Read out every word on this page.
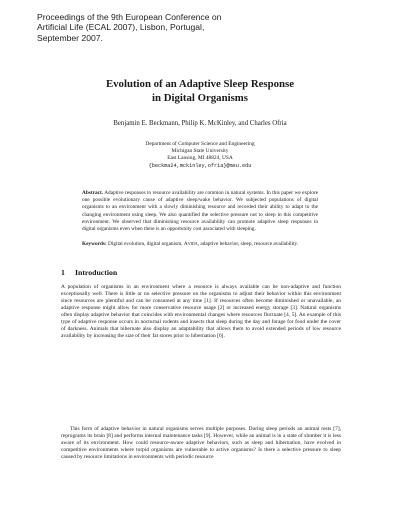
Proceedings of the 9th European Conference on
Artificial Life (ECAL 2007), Lisbon, Portugal,
September 2007.
Evolution of an Adaptive Sleep Response
in Digital Organisms
Benjamin E. Beckmann, Philip K. McKinley, and Charles Ofria
Department of Computer Science and Engineering
Michigan State University
East Lansing, MI 48824, USA
{beckma24,mckinley,ofria}@msu.edu
Abstract. Adaptive responses to resource availability are common in natural systems. In this paper we explore one possible evolutionary cause of adaptive sleep/wake behavior. We subjected populations of digital organisms to an environment with a slowly diminishing resource and recorded their ability to adapt to the changing environment using sleep. We also quantified the selective pressure not to sleep in this competitive environment. We observed that diminishing resource availability can promote adaptive sleep responses in digital organisms even when there is an opportunity cost associated with sleeping.
Keywords: Digital evolution, digital organism, Avida, adaptive behavior, sleep, resource availability.
1 Introduction
A population of organisms in an environment where a resource is always available can be non-adaptive and function exceptionally well. There is little or no selective pressure on the organisms to adjust their behavior within this environment since resources are plentiful and can be consumed at any time [1]. If resources often become diminished or unavailable, an adaptive response might allow for more conservative resource usage [2] or increased energy storage [3]. Natural organisms often display adaptive behavior that coincides with environmental changes where resources fluctuate [4, 5]. An example of this type of adaptive response occurs in nocturnal rodents and insects that sleep during the day and forage for food under the cover of darkness. Animals that hibernate also display an adaptability that allows them to avoid extended periods of low resource availability by increasing the size of their fat stores prior to hibernation [6].
This form of adaptive behavior in natural organisms serves multiple purposes. During sleep periods an animal rests [7], reprograms its brain [8] and performs internal maintenance tasks [9]. However, while an animal is in a state of slumber it is less aware of its environment. How could resource-aware adaptive behaviors, such as sleep and hibernation, have evolved in competitive environments where torpid organisms are vulnerable to active organisms? Is there a selective pressure to sleep caused by resource limitations in environments with periodic resource
